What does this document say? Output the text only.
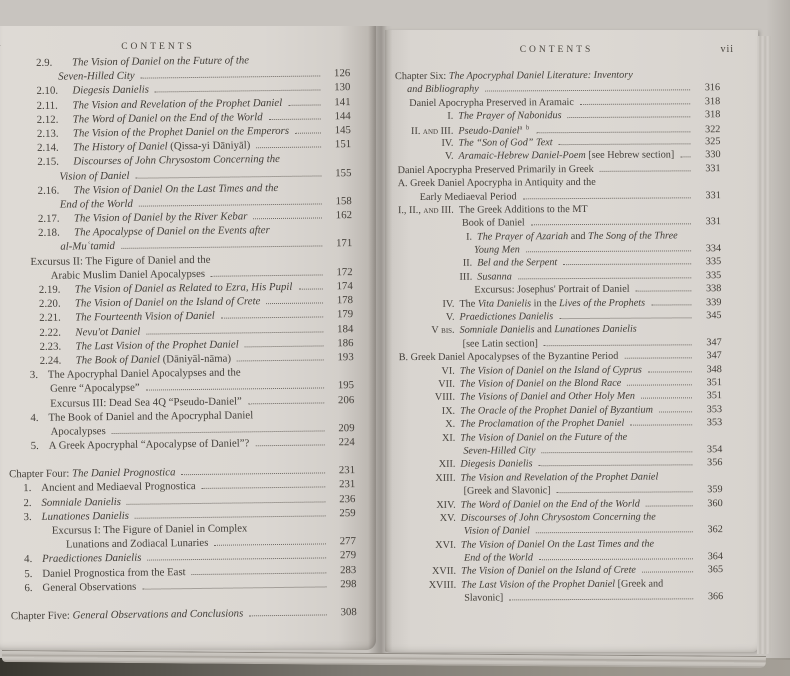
CONTENTS
2.9.	The Vision of Daniel on the Future of the
Seven-Hilled City	126
2.10.	Diegesis Danielis	130
2.11.	The Vision and Revelation of the Prophet Daniel	141
2.12.	The Word of Daniel on the End of the World	144
2.13.	The Vision of the Prophet Daniel on the Emperors	145
2.14.	The History of Daniel (Qissa-yi Dāniyāl)	151
2.15.	Discourses of John Chrysostom Concerning the
Vision of Daniel	155
2.16.	The Vision of Daniel On the Last Times and the
End of the World	158
2.17.	The Vision of Daniel by the River Kebar	162
2.18.	The Apocalypse of Daniel on the Events after
al-Muʿtamid	171
Excursus II: The Figure of Daniel and the
Arabic Muslim Daniel Apocalypses	172
2.19.	The Vision of Daniel as Related to Ezra, His Pupil	174
2.20.	The Vision of Daniel on the Island of Crete	178
2.21.	The Fourteenth Vision of Daniel	179
2.22.	Nevu'ot Daniel	184
2.23.	The Last Vision of the Prophet Daniel	186
2.24.	The Book of Daniel (Dāniyāl-nāma)	193
3. The Apocryphal Daniel Apocalypses and the
Genre “Apocalypse”	195
Excursus III: Dead Sea 4Q “Pseudo-Daniel”	206
4. The Book of Daniel and the Apocryphal Daniel
Apocalypses	209
5. A Greek Apocryphal “Apocalypse of Daniel”?	224
Chapter Four: The Daniel Prognostica	231
1. Ancient and Mediaeval Prognostica	231
2. Somniale Danielis	236
3. Lunationes Danielis	259
Excursus I: The Figure of Daniel in Complex
Lunations and Zodiacal Lunaries	277
4. Praedictiones Danielis	279
5. Daniel Prognostica from the East	283
6. General Observations	298
Chapter Five: General Observations and Conclusions	308
CONTENTS	vii
Chapter Six: The Apocryphal Daniel Literature: Inventory
and Bibliography	316
Daniel Apocrypha Preserved in Aramaic	318
I. The Prayer of Nabonidus	318
II. and III. Pseudo-Daniel$^{a b}$	322
IV. The “Son of God” Text	325
V. Aramaic-Hebrew Daniel-Poem [see Hebrew section]	330
Daniel Apocrypha Preserved Primarily in Greek	331
A. Greek Daniel Apocrypha in Antiquity and the
Early Mediaeval Period	331
I., II., and III. The Greek Additions to the MT
Book of Daniel	331
I. The Prayer of Azariah and The Song of the Three
Young Men	334
II. Bel and the Serpent	335
III. Susanna	335
Excursus: Josephus' Portrait of Daniel	338
IV. The Vita Danielis in the Lives of the Prophets	339
V. Praedictiones Danielis	345
V bis. Somniale Danielis and Lunationes Danielis
[see Latin section]	347
B. Greek Daniel Apocalypses of the Byzantine Period	347
VI. The Vision of Daniel on the Island of Cyprus	348
VII. The Vision of Daniel on the Blond Race	351
VIII. The Visions of Daniel and Other Holy Men	351
IX. The Oracle of the Prophet Daniel of Byzantium	353
X. The Proclamation of the Prophet Daniel	353
XI. The Vision of Daniel on the Future of the
Seven-Hilled City	354
XII. Diegesis Danielis	356
XIII. The Vision and Revelation of the Prophet Daniel
[Greek and Slavonic]	359
XIV. The Word of Daniel on the End of the World	360
XV. Discourses of John Chrysostom Concerning the
Vision of Daniel	362
XVI. The Vision of Daniel On the Last Times and the
End of the World	364
XVII. The Vision of Daniel on the Island of Crete	365
XVIII. The Last Vision of the Prophet Daniel [Greek and
Slavonic]	366
